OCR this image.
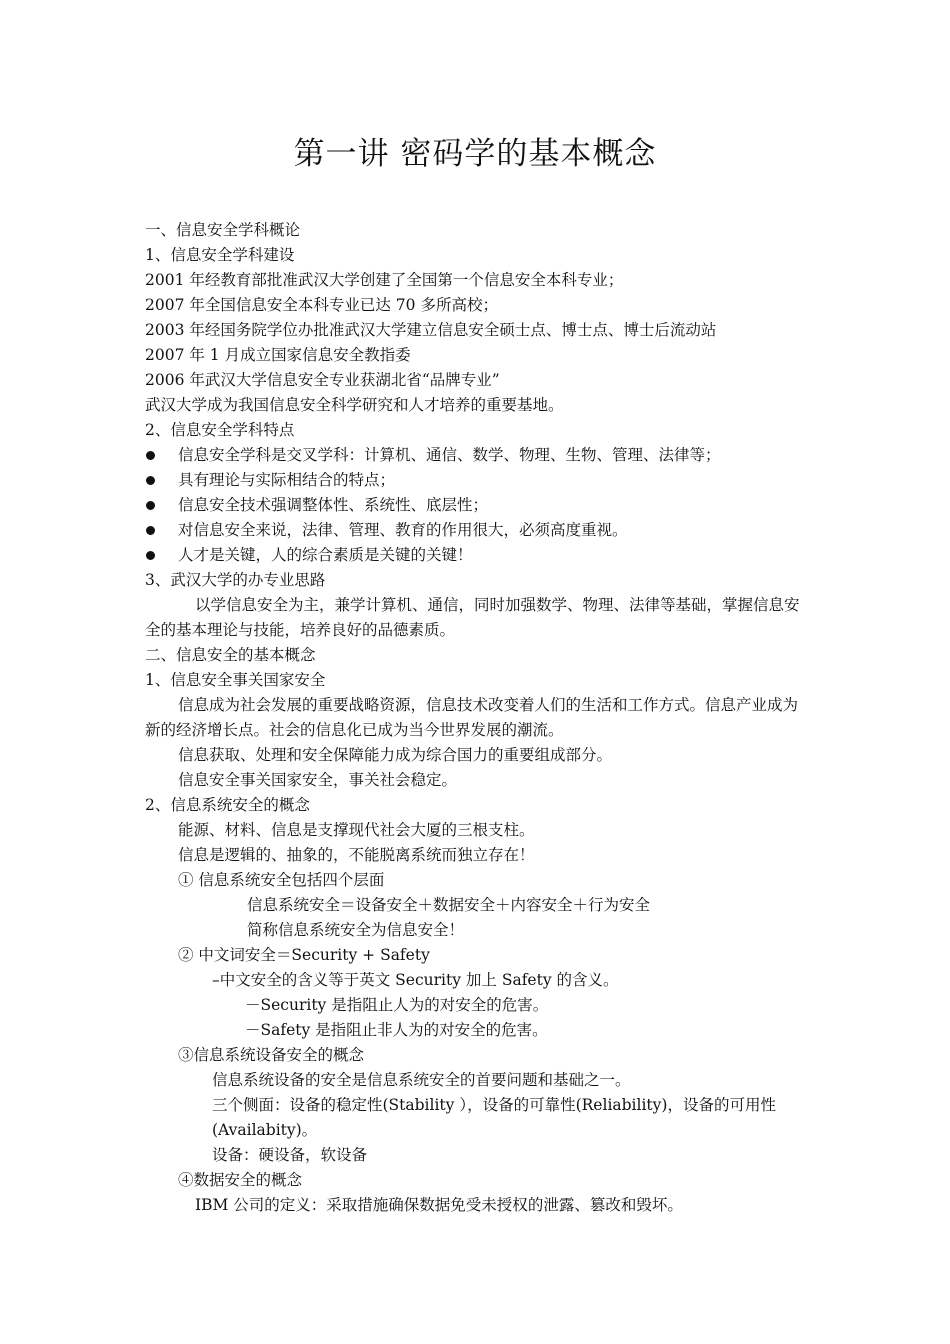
第一讲 密码学的基本概念
一、信息安全学科概论
1、信息安全学科建设
2001 年经教育部批准武汉大学创建了全国第一个信息安全本科专业；
2007 年全国信息安全本科专业已达 70 多所高校；
2003 年经国务院学位办批准武汉大学建立信息安全硕士点、博士点、博士后流动站
2007 年 1 月成立国家信息安全教指委
2006 年武汉大学信息安全专业获湖北省“品牌专业”
武汉大学成为我国信息安全科学研究和人才培养的重要基地。
2、信息安全学科特点
信息安全学科是交叉学科：计算机、通信、数学、物理、生物、管理、法律等；
具有理论与实际相结合的特点；
信息安全技术强调整体性、系统性、底层性；
对信息安全来说，法律、管理、教育的作用很大，必须高度重视。
人才是关键，人的综合素质是关键的关键！
3、武汉大学的办专业思路
以学信息安全为主，兼学计算机、通信，同时加强数学、物理、法律等基础，掌握信息安全的基本理论与技能，培养良好的品德素质。
二、信息安全的基本概念
1、信息安全事关国家安全
信息成为社会发展的重要战略资源，信息技术改变着人们的生活和工作方式。信息产业成为新的经济增长点。社会的信息化已成为当今世界发展的潮流。
信息获取、处理和安全保障能力成为综合国力的重要组成部分。
信息安全事关国家安全，事关社会稳定。
2、信息系统安全的概念
能源、材料、信息是支撑现代社会大厦的三根支柱。
信息是逻辑的、抽象的，不能脱离系统而独立存在！
① 信息系统安全包括四个层面
信息系统安全＝设备安全＋数据安全＋内容安全＋行为安全
简称信息系统安全为信息安全！
② 中文词安全＝Security + Safety
–中文安全的含义等于英文 Security 加上 Safety 的含义。
－Security 是指阻止人为的对安全的危害。
－Safety 是指阻止非人为的对安全的危害。
③信息系统设备安全的概念
信息系统设备的安全是信息系统安全的首要问题和基础之一。
三个侧面：设备的稳定性(Stability ），设备的可靠性(Reliability)，设备的可用性(Availabity)。
设备：硬设备，软设备
④数据安全的概念
IBM 公司的定义：采取措施确保数据免受未授权的泄露、篡改和毁坏。
